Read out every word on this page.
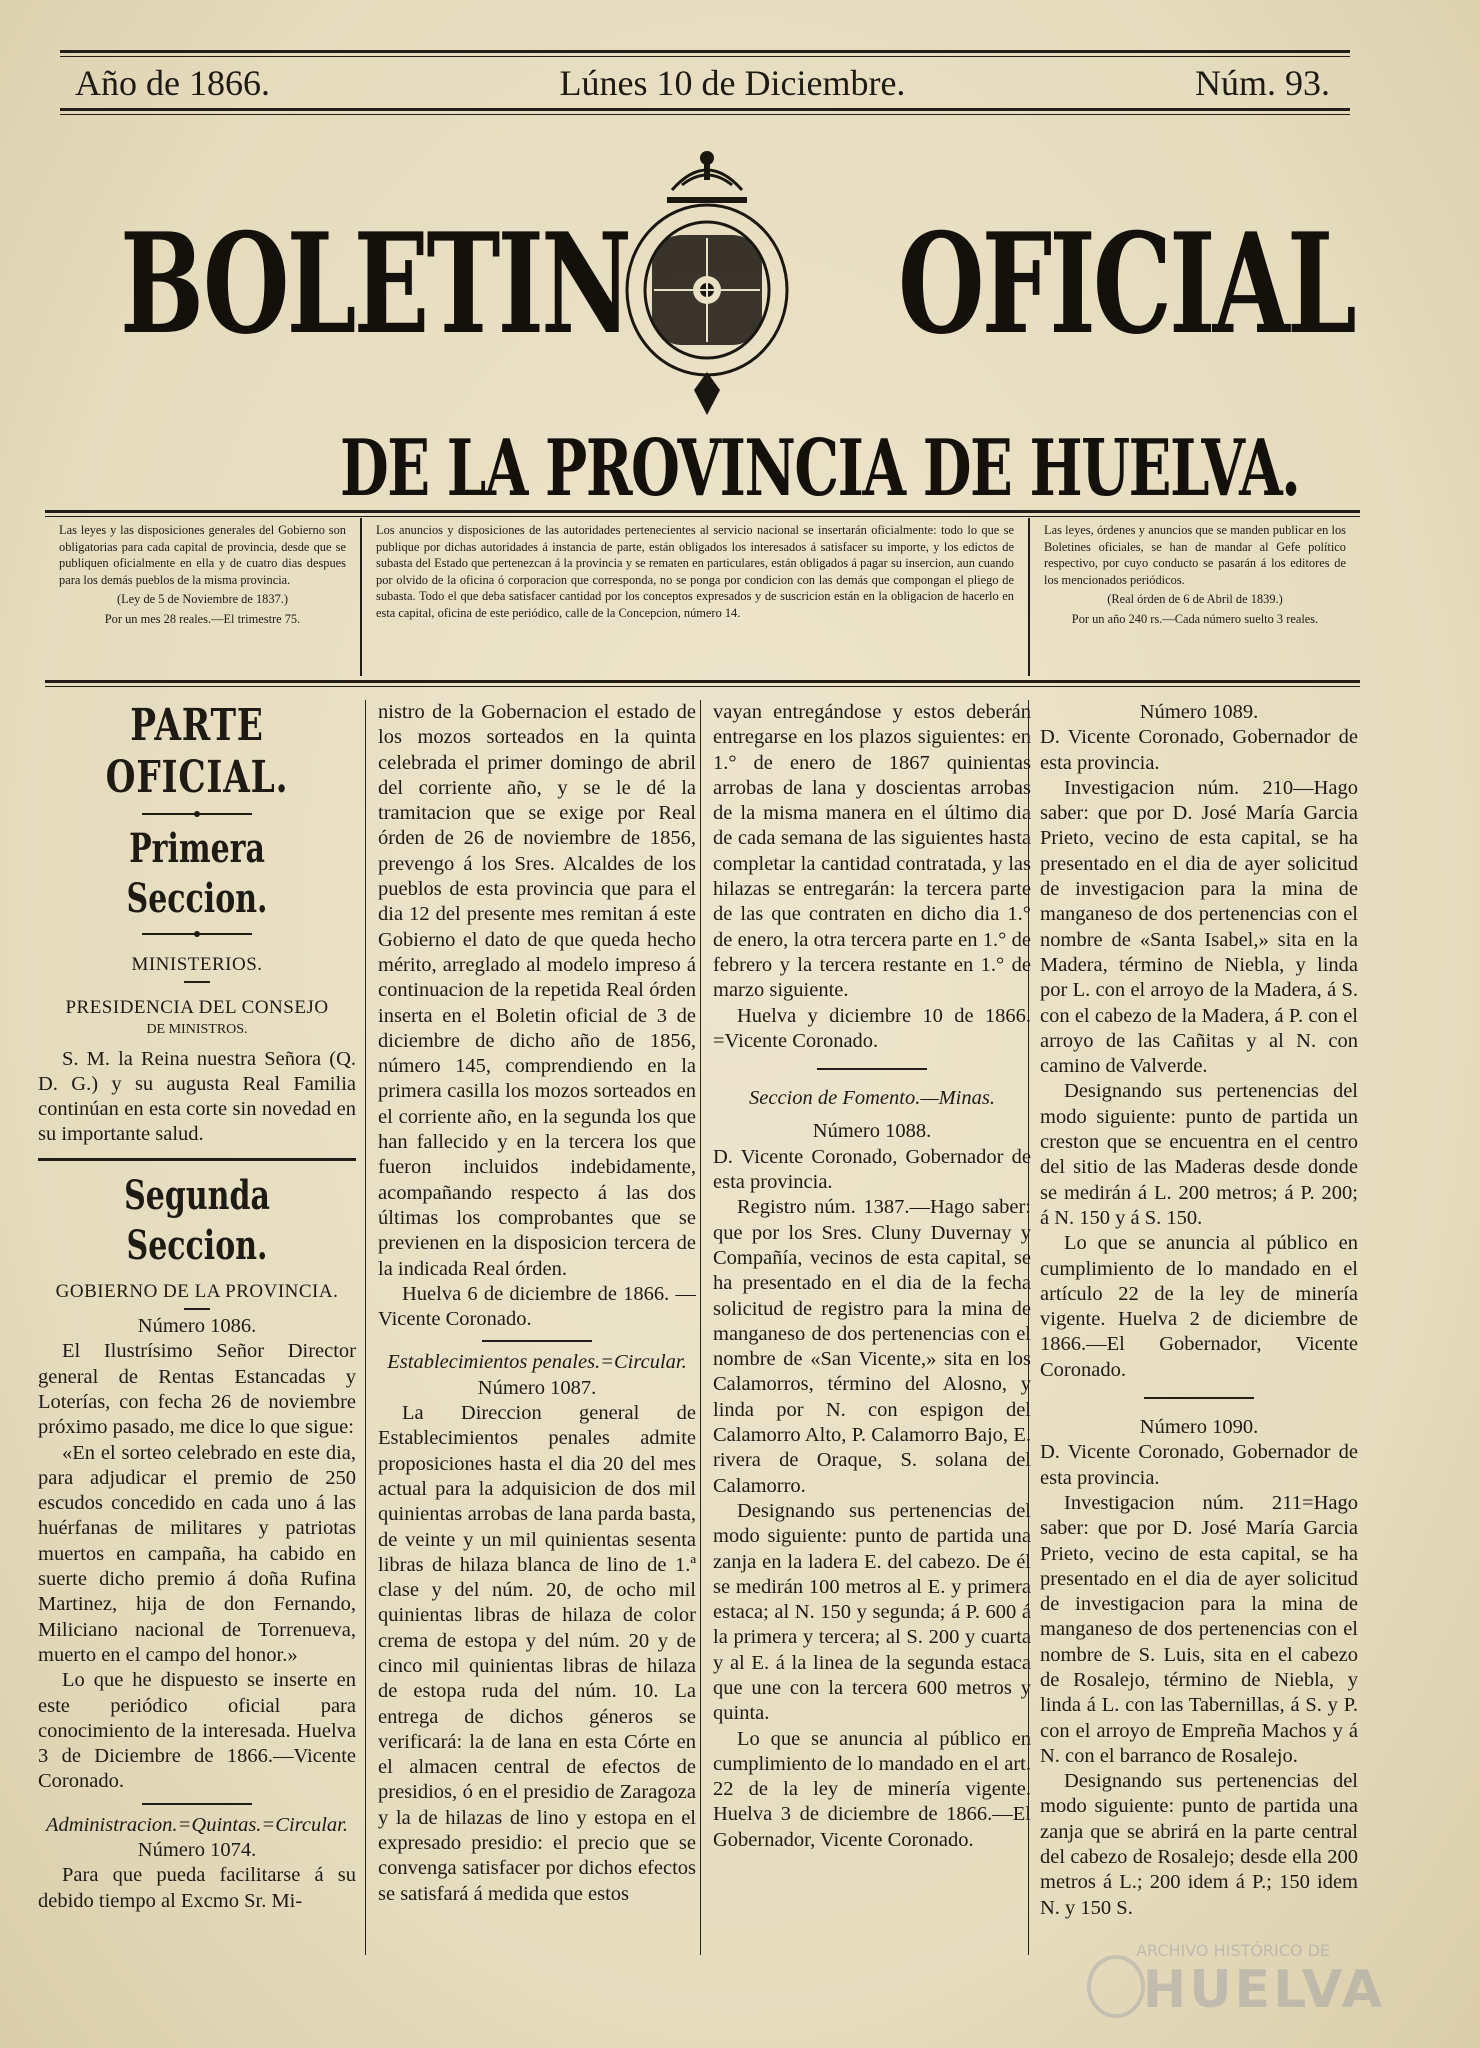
Año de 1866.	Lúnes 10 de Diciembre.	Núm. 93.
BOLETIN OFICIAL
DE LA PROVINCIA DE HUELVA.

Las leyes y las disposiciones generales del Gobierno son obligatorias para cada capital de provincia, desde que se publiquen oficialmente en ella y de cuatro dias despues para los demás pueblos de la misma provincia.

(Ley de 5 de Noviembre de 1837.)

Por un mes 28 reales.—El trimestre 75.

Los anuncios y disposiciones de las autoridades pertenecientes al servicio nacional se insertarán oficialmente: todo lo que se publique por dichas autoridades á instancia de parte, están obligados los interesados á satisfacer su importe, y los edictos de subasta del Estado que pertenezcan á la provincia y se rematen en particulares, están obligados á pagar su insercion, aun cuando por olvido de la oficina ó corporacion que corresponda, no se ponga por condicion con las demás que compongan el pliego de subasta. Todo el que deba satisfacer cantidad por los conceptos expresados y de suscricion están en la obligacion de hacerlo en esta capital, oficina de este periódico, calle de la Concepcion, número 14.

Las leyes, órdenes y anuncios que se manden publicar en los Boletines oficiales, se han de mandar al Gefe político respectivo, por cuyo conducto se pasarán á los editores de los mencionados periódicos.

(Real órden de 6 de Abril de 1839.)

Por un año 240 rs.—Cada número suelto 3 reales.

PARTE OFICIAL.
Primera Seccion.
MINISTERIOS.
PRESIDENCIA DEL CONSEJO
DE MINISTROS.

S. M. la Reina nuestra Señora (Q. D. G.) y su augusta Real Familia continúan en esta corte sin novedad en su importante salud.

Segunda Seccion.
GOBIERNO DE LA PROVINCIA.
Número 1086.

El Ilustrísimo Señor Director general de Rentas Estancadas y Loterías, con fecha 26 de noviembre próximo pasado, me dice lo que sigue:

«En el sorteo celebrado en este dia, para adjudicar el premio de 250 escudos concedido en cada uno á las huérfanas de militares y patriotas muertos en campaña, ha cabido en suerte dicho premio á doña Rufina Martinez, hija de don Fernando, Miliciano nacional de Torrenueva, muerto en el campo del honor.»

Lo que he dispuesto se inserte en este periódico oficial para conocimiento de la interesada. Huelva 3 de Diciembre de 1866.—Vicente Coronado.

Administracion.=Quintas.=Circular.
Número 1074.

Para que pueda facilitarse á su debido tiempo al Excmo Sr. Mi-

nistro de la Gobernacion el estado de los mozos sorteados en la quinta celebrada el primer domingo de abril del corriente año, y se le dé la tramitacion que se exige por Real órden de 26 de noviembre de 1856, prevengo á los Sres. Alcaldes de los pueblos de esta provincia que para el dia 12 del presente mes remitan á este Gobierno el dato de que queda hecho mérito, arreglado al modelo impreso á continuacion de la repetida Real órden inserta en el Boletin oficial de 3 de diciembre de dicho año de 1856, número 145, comprendiendo en la primera casilla los mozos sorteados en el corriente año, en la segunda los que han fallecido y en la tercera los que fueron incluidos indebidamente, acompañando respecto á las dos últimas los comprobantes que se previenen en la disposicion tercera de la indicada Real órden.

Huelva 6 de diciembre de 1866. —Vicente Coronado.

Establecimientos penales.=Circular.
Número 1087.

La Direccion general de Establecimientos penales admite proposiciones hasta el dia 20 del mes actual para la adquisicion de dos mil quinientas arrobas de lana parda basta, de veinte y un mil quinientas sesenta libras de hilaza blanca de lino de 1.ª clase y del núm. 20, de ocho mil quinientas libras de hilaza de color crema de estopa y del núm. 20 y de cinco mil quinientas libras de hilaza de estopa ruda del núm. 10. La entrega de dichos géneros se verificará: la de lana en esta Córte en el almacen central de efectos de presidios, ó en el presidio de Zaragoza y la de hilazas de lino y estopa en el expresado presidio: el precio que se convenga satisfacer por dichos efectos se satisfará á medida que estos

vayan entregándose y estos deberán entregarse en los plazos siguientes: en 1.° de enero de 1867 quinientas arrobas de lana y doscientas arrobas de la misma manera en el último dia de cada semana de las siguientes hasta completar la cantidad contratada, y las hilazas se entregarán: la tercera parte de las que contraten en dicho dia 1.° de enero, la otra tercera parte en 1.° de febrero y la tercera restante en 1.° de marzo siguiente.

Huelva y diciembre 10 de 1866. =Vicente Coronado.

Seccion de Fomento.—Minas.
Número 1088.

D. Vicente Coronado, Gobernador de esta provincia.

Registro núm. 1387.—Hago saber: que por los Sres. Cluny Duvernay y Compañía, vecinos de esta capital, se ha presentado en el dia de la fecha solicitud de registro para la mina de manganeso de dos pertenencias con el nombre de «San Vicente,» sita en los Calamorros, término del Alosno, y linda por N. con espigon del Calamorro Alto, P. Calamorro Bajo, E. rivera de Oraque, S. solana del Calamorro.

Designando sus pertenencias del modo siguiente: punto de partida una zanja en la ladera E. del cabezo. De él se medirán 100 metros al E. y primera estaca; al N. 150 y segunda; á P. 600 á la primera y tercera; al S. 200 y cuarta y al E. á la linea de la segunda estaca que une con la tercera 600 metros y quinta.

Lo que se anuncia al público en cumplimiento de lo mandado en el art. 22 de la ley de minería vigente. Huelva 3 de diciembre de 1866.—El Gobernador, Vicente Coronado.

Número 1089.

D. Vicente Coronado, Gobernador de esta provincia.

Investigacion núm. 210—Hago saber: que por D. José María Garcia Prieto, vecino de esta capital, se ha presentado en el dia de ayer solicitud de investigacion para la mina de manganeso de dos pertenencias con el nombre de «Santa Isabel,» sita en la Madera, término de Niebla, y linda por L. con el arroyo de la Madera, á S. con el cabezo de la Madera, á P. con el arroyo de las Cañitas y al N. con camino de Valverde.

Designando sus pertenencias del modo siguiente: punto de partida un creston que se encuentra en el centro del sitio de las Maderas desde donde se medirán á L. 200 metros; á P. 200; á N. 150 y á S. 150.

Lo que se anuncia al público en cumplimiento de lo mandado en el artículo 22 de la ley de minería vigente. Huelva 2 de diciembre de 1866.—El Gobernador, Vicente Coronado.

Número 1090.

D. Vicente Coronado, Gobernador de esta provincia.

Investigacion núm. 211=Hago saber: que por D. José María Garcia Prieto, vecino de esta capital, se ha presentado en el dia de ayer solicitud de investigacion para la mina de manganeso de dos pertenencias con el nombre de S. Luis, sita en el cabezo de Rosalejo, término de Niebla, y linda á L. con las Tabernillas, á S. y P. con el arroyo de Empreña Machos y á N. con el barranco de Rosalejo.

Designando sus pertenencias del modo siguiente: punto de partida una zanja que se abrirá en la parte central del cabezo de Rosalejo; desde ella 200 metros á L.; 200 idem á P.; 150 idem N. y 150 S.

ARCHIVO HISTÓRICO DE
HUELVA
